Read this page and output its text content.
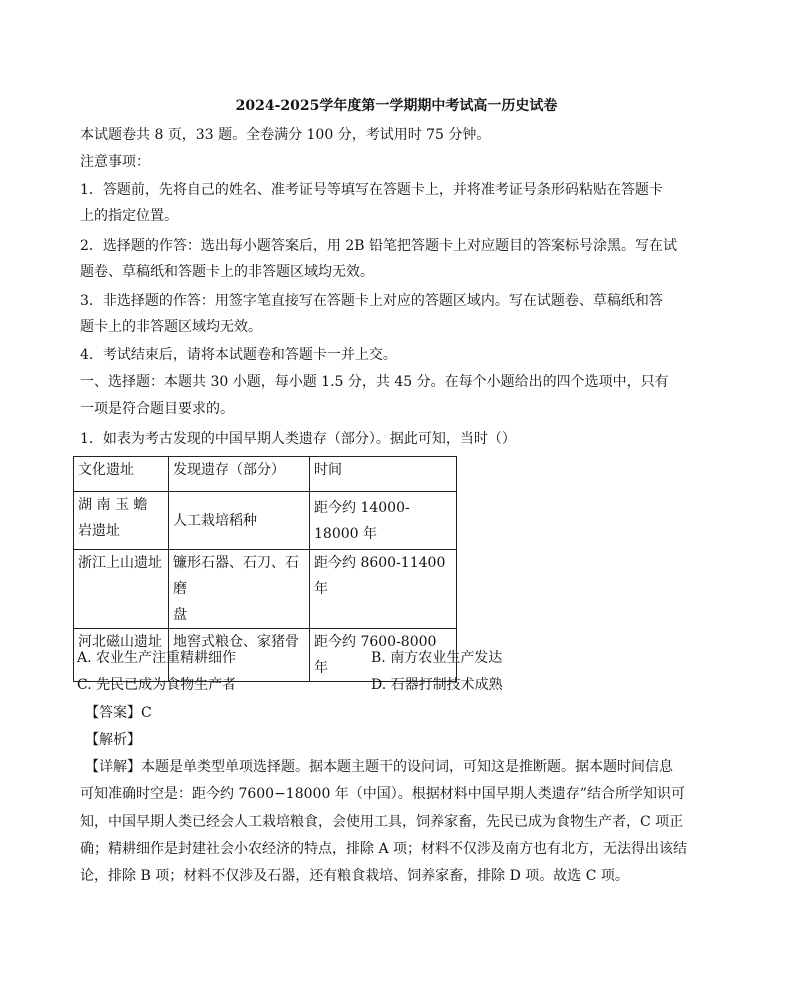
2024-2025学年度第一学期期中考试高一历史试卷
本试题卷共 8 页，33 题。全卷满分 100 分，考试用时 75 分钟。
注意事项：
1．答题前，先将自己的姓名、准考证号等填写在答题卡上，并将准考证号条形码粘贴在答题卡
上的指定位置。
2．选择题的作答：选出每小题答案后，用 2B 铅笔把答题卡上对应题目的答案标号涂黑。写在试
题卷、草稿纸和答题卡上的非答题区域均无效。
3．非选择题的作答：用签字笔直接写在答题卡上对应的答题区域内。写在试题卷、草稿纸和答
题卡上的非答题区域均无效。
4．考试结束后，请将本试题卷和答题卡一并上交。
一、选择题：本题共 30 小题，每小题 1.5 分，共 45 分。在每个小题给出的四个选项中，只有
一项是符合题目要求的。
1．如表为考古发现的中国早期人类遗存（部分）。据此可知，当时（）
文化遗址	发现遗存（部分）	时间

湖 南 玉 蟾
岩遗址	人工栽培稻种	距今约 14000-18000 年
浙江上山遗址	镰形石器、石刀、石磨
盘	距今约 8600-11400 年
河北磁山遗址	地窖式粮仓、家猪骨	距今约 7600-8000 年
A. 农业生产注重精耕细作	B. 南方农业生产发达
C. 先民已成为食物生产者	D. 石器打制技术成熟
【答案】C
【解析】
【详解】本题是单类型单项选择题。据本题主题干的设问词，可知这是推断题。据本题时间信息
可知准确时空是：距今约 7600−18000 年（中国）。根据材料中国早期人类遗存”结合所学知识可
知，中国早期人类已经会人工栽培粮食，会使用工具，饲养家畜，先民已成为食物生产者，C 项正
确；精耕细作是封建社会小农经济的特点，排除 A 项；材料不仅涉及南方也有北方，无法得出该结
论，排除 B 项；材料不仅涉及石器，还有粮食栽培、饲养家畜，排除 D 项。故选 C 项。
